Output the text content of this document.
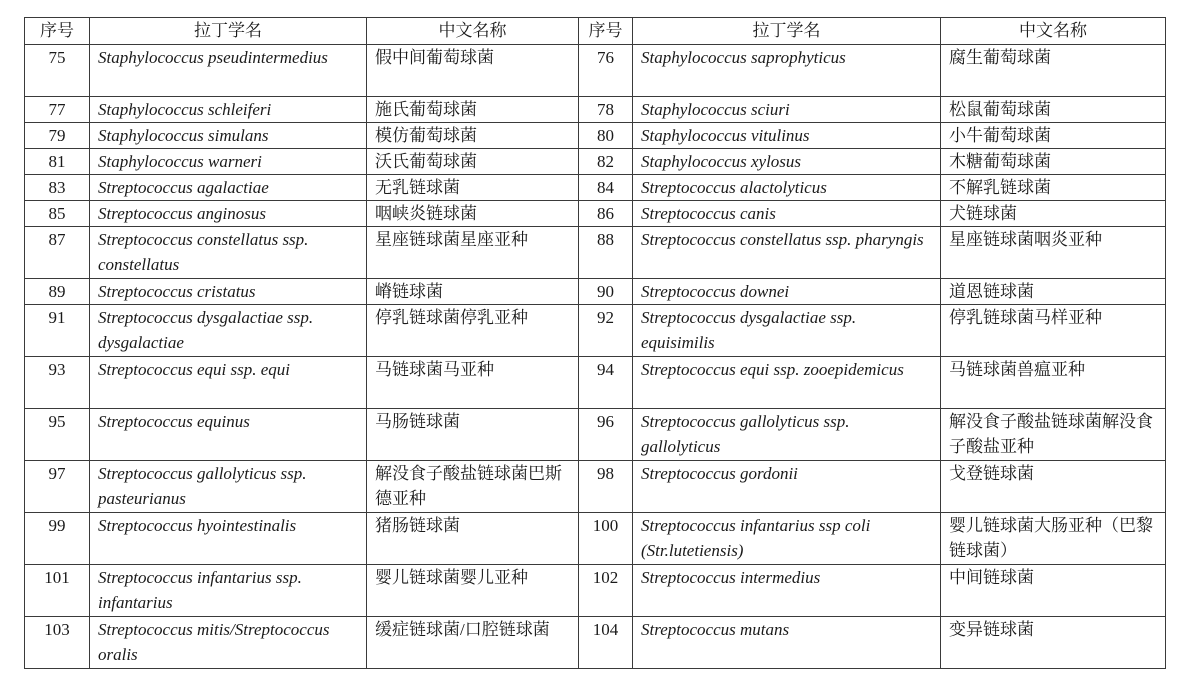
序号	拉丁学名	中文名称	序号	拉丁学名	中文名称
75	Staphylococcus pseudintermedius	假中间葡萄球菌	76	Staphylococcus saprophyticus	腐生葡萄球菌
77	Staphylococcus schleiferi	施氏葡萄球菌	78	Staphylococcus sciuri	松鼠葡萄球菌
79	Staphylococcus simulans	模仿葡萄球菌	80	Staphylococcus vitulinus	小牛葡萄球菌
81	Staphylococcus warneri	沃氏葡萄球菌	82	Staphylococcus xylosus	木糖葡萄球菌
83	Streptococcus agalactiae	无乳链球菌	84	Streptococcus alactolyticus	不解乳链球菌
85	Streptococcus anginosus	咽峡炎链球菌	86	Streptococcus canis	犬链球菌
87	Streptococcus constellatus ssp. constellatus	星座链球菌星座亚种	88	Streptococcus constellatus ssp. pharyngis	星座链球菌咽炎亚种
89	Streptococcus cristatus	嵴链球菌	90	Streptococcus downei	道恩链球菌
91	Streptococcus dysgalactiae ssp. dysgalactiae	停乳链球菌停乳亚种	92	Streptococcus dysgalactiae ssp. equisimilis	停乳链球菌马样亚种
93	Streptococcus equi ssp. equi	马链球菌马亚种	94	Streptococcus equi ssp. zooepidemicus	马链球菌兽瘟亚种
95	Streptococcus equinus	马肠链球菌	96	Streptococcus gallolyticus ssp. gallolyticus	解没食子酸盐链球菌解没食子酸盐亚种
97	Streptococcus gallolyticus ssp. pasteurianus	解没食子酸盐链球菌巴斯德亚种	98	Streptococcus gordonii	戈登链球菌
99	Streptococcus hyointestinalis	猪肠链球菌	100	Streptococcus infantarius ssp coli (Str.lutetiensis)	婴儿链球菌大肠亚种（巴黎链球菌）
101	Streptococcus infantarius ssp. infantarius	婴儿链球菌婴儿亚种	102	Streptococcus intermedius	中间链球菌
103	Streptococcus mitis/Streptococcus oralis	缓症链球菌/口腔链球菌	104	Streptococcus mutans	变异链球菌
